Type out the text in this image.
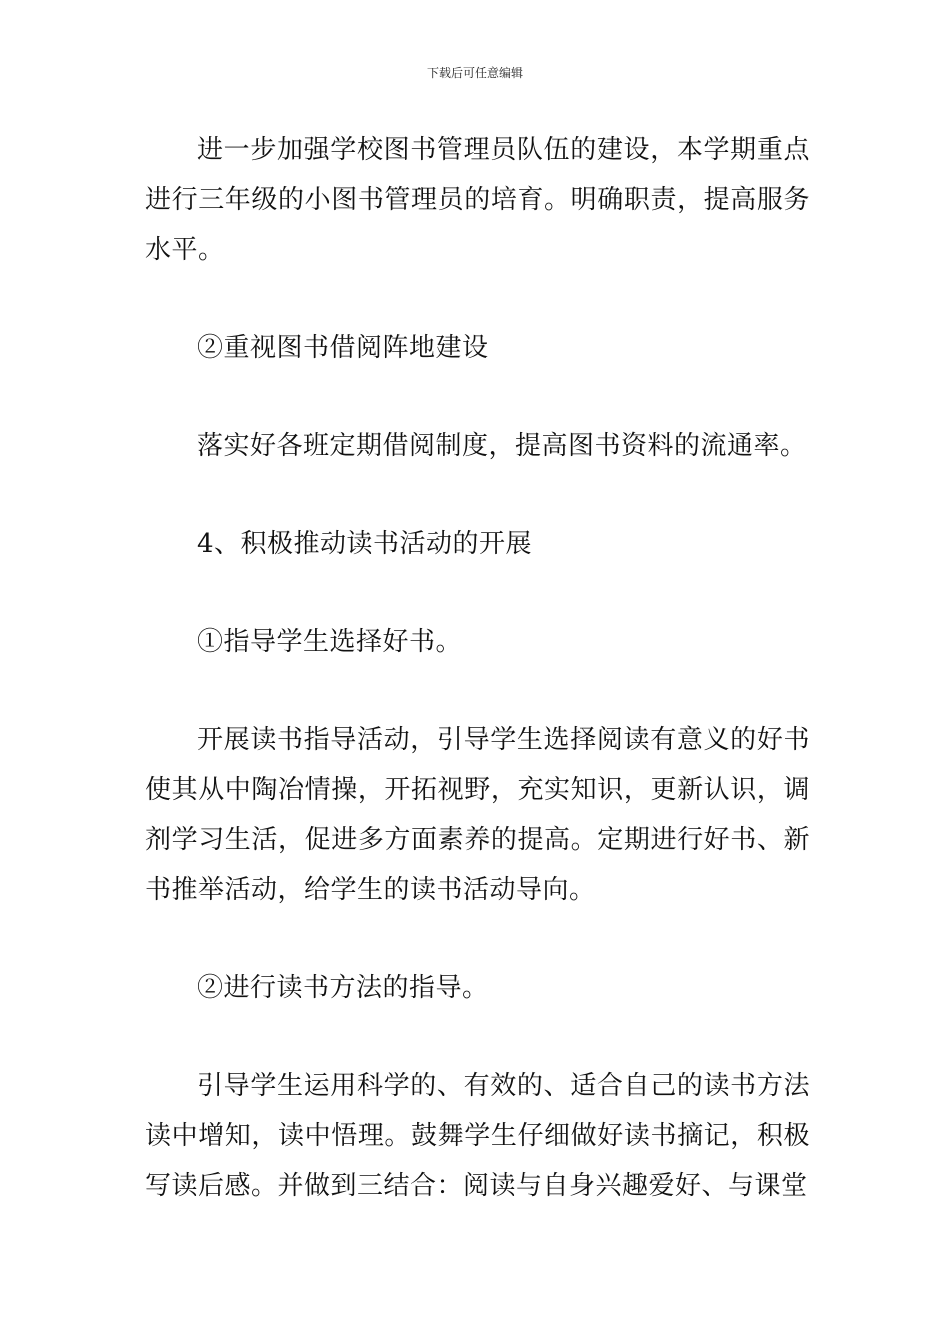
下载后可任意编辑

进一步加强学校图书管理员队伍的建设，本学期重点进行三年级的小图书管理员的培育。明确职责，提高服务水平。

②重视图书借阅阵地建设

落实好各班定期借阅制度，提高图书资料的流通率。

4、积极推动读书活动的开展

①指导学生选择好书。

开展读书指导活动，引导学生选择阅读有意义的好书使其从中陶冶情操，开拓视野，充实知识，更新认识，调剂学习生活，促进多方面素养的提高。定期进行好书、新书推举活动，给学生的读书活动导向。

②进行读书方法的指导。

引导学生运用科学的、有效的、适合自己的读书方法读中增知，读中悟理。鼓舞学生仔细做好读书摘记，积极写读后感。并做到三结合：阅读与自身兴趣爱好、与课堂
